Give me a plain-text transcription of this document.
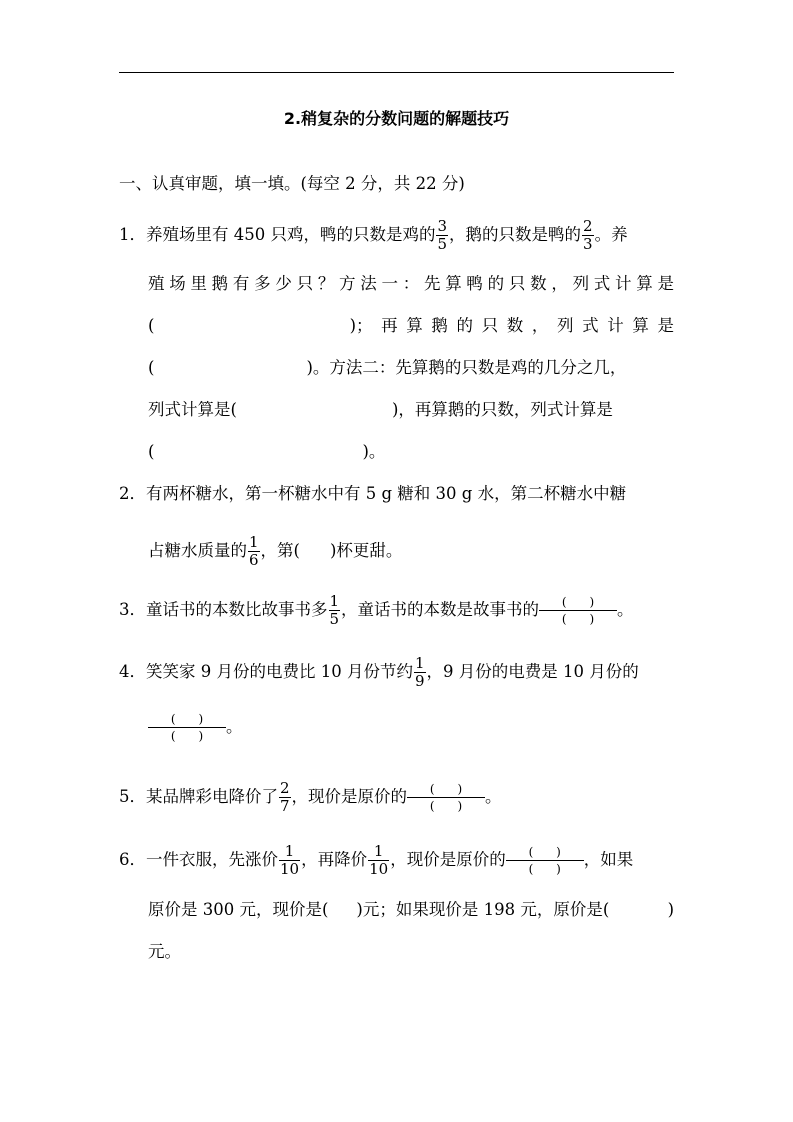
2.稍复杂的分数问题的解题技巧
一、认真审题，填一填。(每空 2 分，共 22 分)
1．养殖场里有 450 只鸡，鸭的只数是鸡的 $\frac{3}{5}$ ，鹅的只数是鸭的 $\frac{2}{3}$ 。养
殖场里鹅有多少只？方法一：先算鸭的只数，列式计算是
(	) ；再算鹅的只数，列式计算是
(	)。方法二：先算鹅的只数是鸡的几分之几，
列式计算是(	)，再算鹅的只数，列式计算是
(	)。
2．有两杯糖水，第一杯糖水中有 5 g 糖和 30 g 水，第二杯糖水中糖
占糖水质量的 $\frac{1}{6}$ ，第( )杯更甜。
3．童话书的本数比故事书多 $\frac{1}{5}$ ，童话书的本数是故事书的	(      )
(      )	。
4．笑笑家 9 月份的电费比 10 月份节约 $\frac{1}{9}$ ，9 月份的电费是 10 月份的
(      )
(      )	。
5．某品牌彩电降价了 $\frac{2}{7}$ ，现价是原价的	(      )
(      )	。
6．一件衣服，先涨价 $\frac{1}{10}$ ，再降价 $\frac{1}{10}$ ，现价是原价的	(      )
(      )	，如果
原价是 300 元，现价是 ( ) 元；如果现价是 198 元，原价是 (	)
元。
